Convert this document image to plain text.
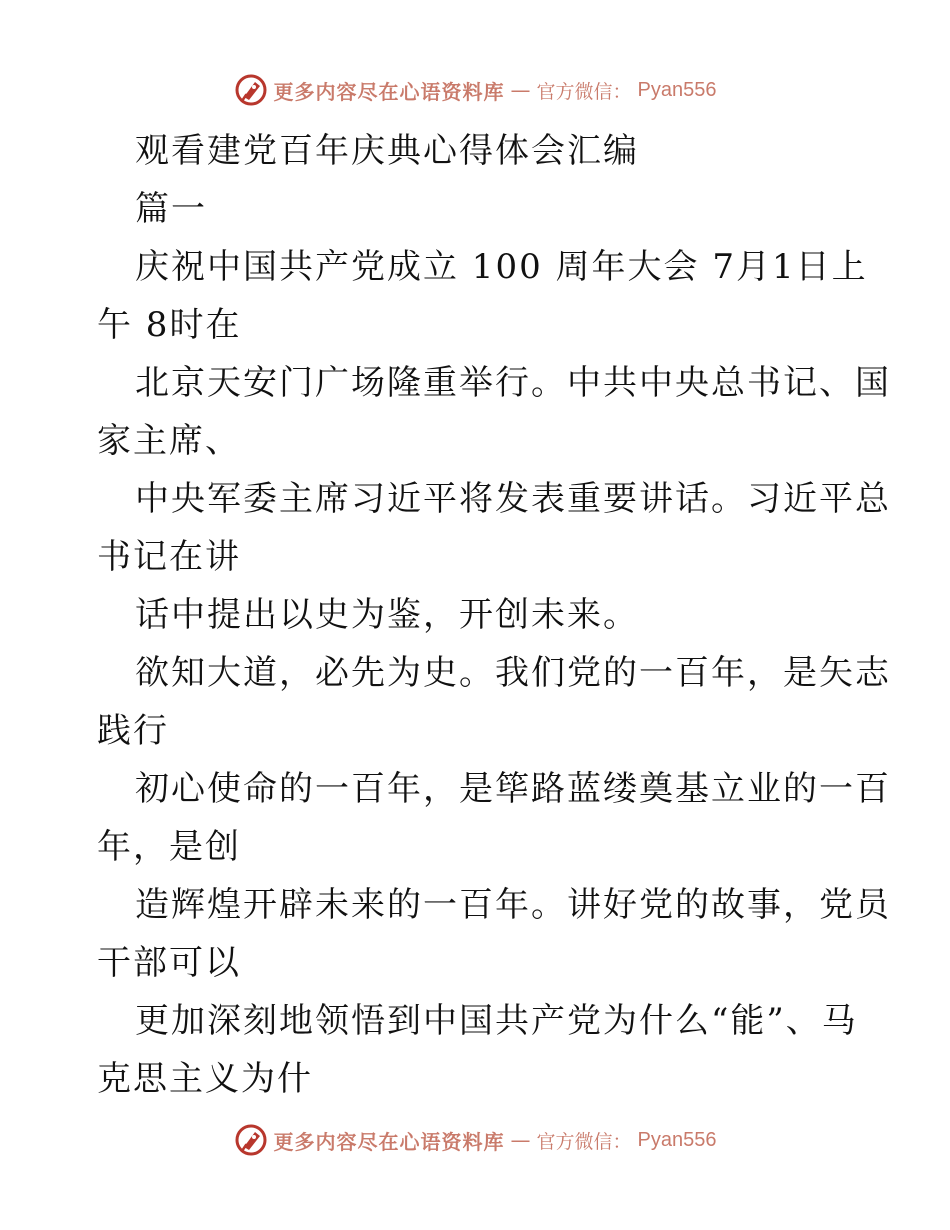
更多内容尽在心语资料库 — 官方微信： Pyan556
观看建党百年庆典心得体会汇编
篇一
庆祝中国共产党成立 100 周年大会 7月1日上
午 8时在
北京天安门广场隆重举行。中共中央总书记、国
家主席、
中央军委主席习近平将发表重要讲话。习近平总
书记在讲
话中提出以史为鉴，开创未来。
欲知大道，必先为史。我们党的一百年，是矢志
践行
初心使命的一百年，是筚路蓝缕奠基立业的一百
年，是创
造辉煌开辟未来的一百年。讲好党的故事，党员
干部可以
更加深刻地领悟到中国共产党为什么“能”、马
克思主义为什
更多内容尽在心语资料库 — 官方微信： Pyan556
